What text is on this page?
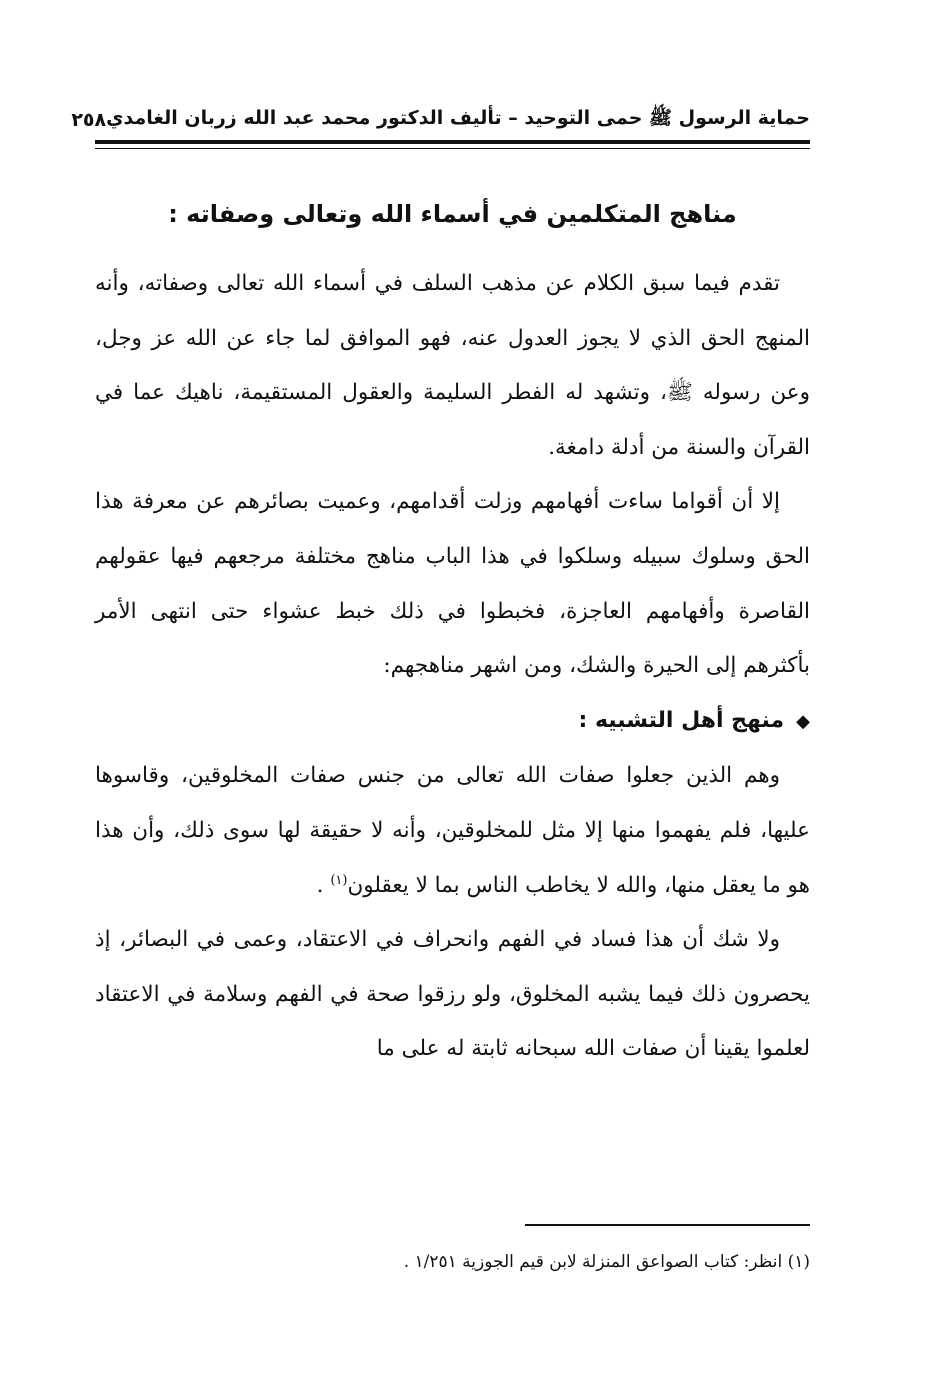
حماية الرسول ﷺ حمى التوحيد – تأليف الدكتور محمد عبد الله زربان الغامدي
٢٥٨
مناهج المتكلمين في أسماء الله وتعالى وصفاته :

تقدم فيما سبق الكلام عن مذهب السلف في أسماء الله تعالى وصفاته، وأنه المنهج الحق الذي لا يجوز العدول عنه، فهو الموافق لما جاء عن الله عز وجل، وعن رسوله ﷺ، وتشهد له الفطر السليمة والعقول المستقيمة، ناهيك عما في القرآن والسنة من أدلة دامغة.

إلا أن أقواما ساءت أفهامهم وزلت أقدامهم، وعميت بصائرهم عن معرفة هذا الحق وسلوك سبيله وسلكوا في هذا الباب مناهج مختلفة مرجعهم فيها عقولهم القاصرة وأفهامهم العاجزة، فخبطوا في ذلك خبط عشواء حتى انتهى الأمر بأكثرهم إلى الحيرة والشك، ومن اشهر مناهجهم:

◆منهج أهل التشبيه :

وهم الذين جعلوا صفات الله تعالى من جنس صفات المخلوقين، وقاسوها عليها، فلم يفهموا منها إلا مثل للمخلوقين، وأنه لا حقيقة لها سوى ذلك، وأن هذا هو ما يعقل منها، والله لا يخاطب الناس بما لا يعقلون$^{(١)}$ .

ولا شك أن هذا فساد في الفهم وانحراف في الاعتقاد، وعمى في البصائر، إذ يحصرون ذلك فيما يشبه المخلوق، ولو رزقوا صحة في الفهم وسلامة في الاعتقاد لعلموا يقينا أن صفات الله سبحانه ثابتة له على ما

(١) انظر: كتاب الصواعق المنزلة لابن قيم الجوزية ١/٢٥١ .
